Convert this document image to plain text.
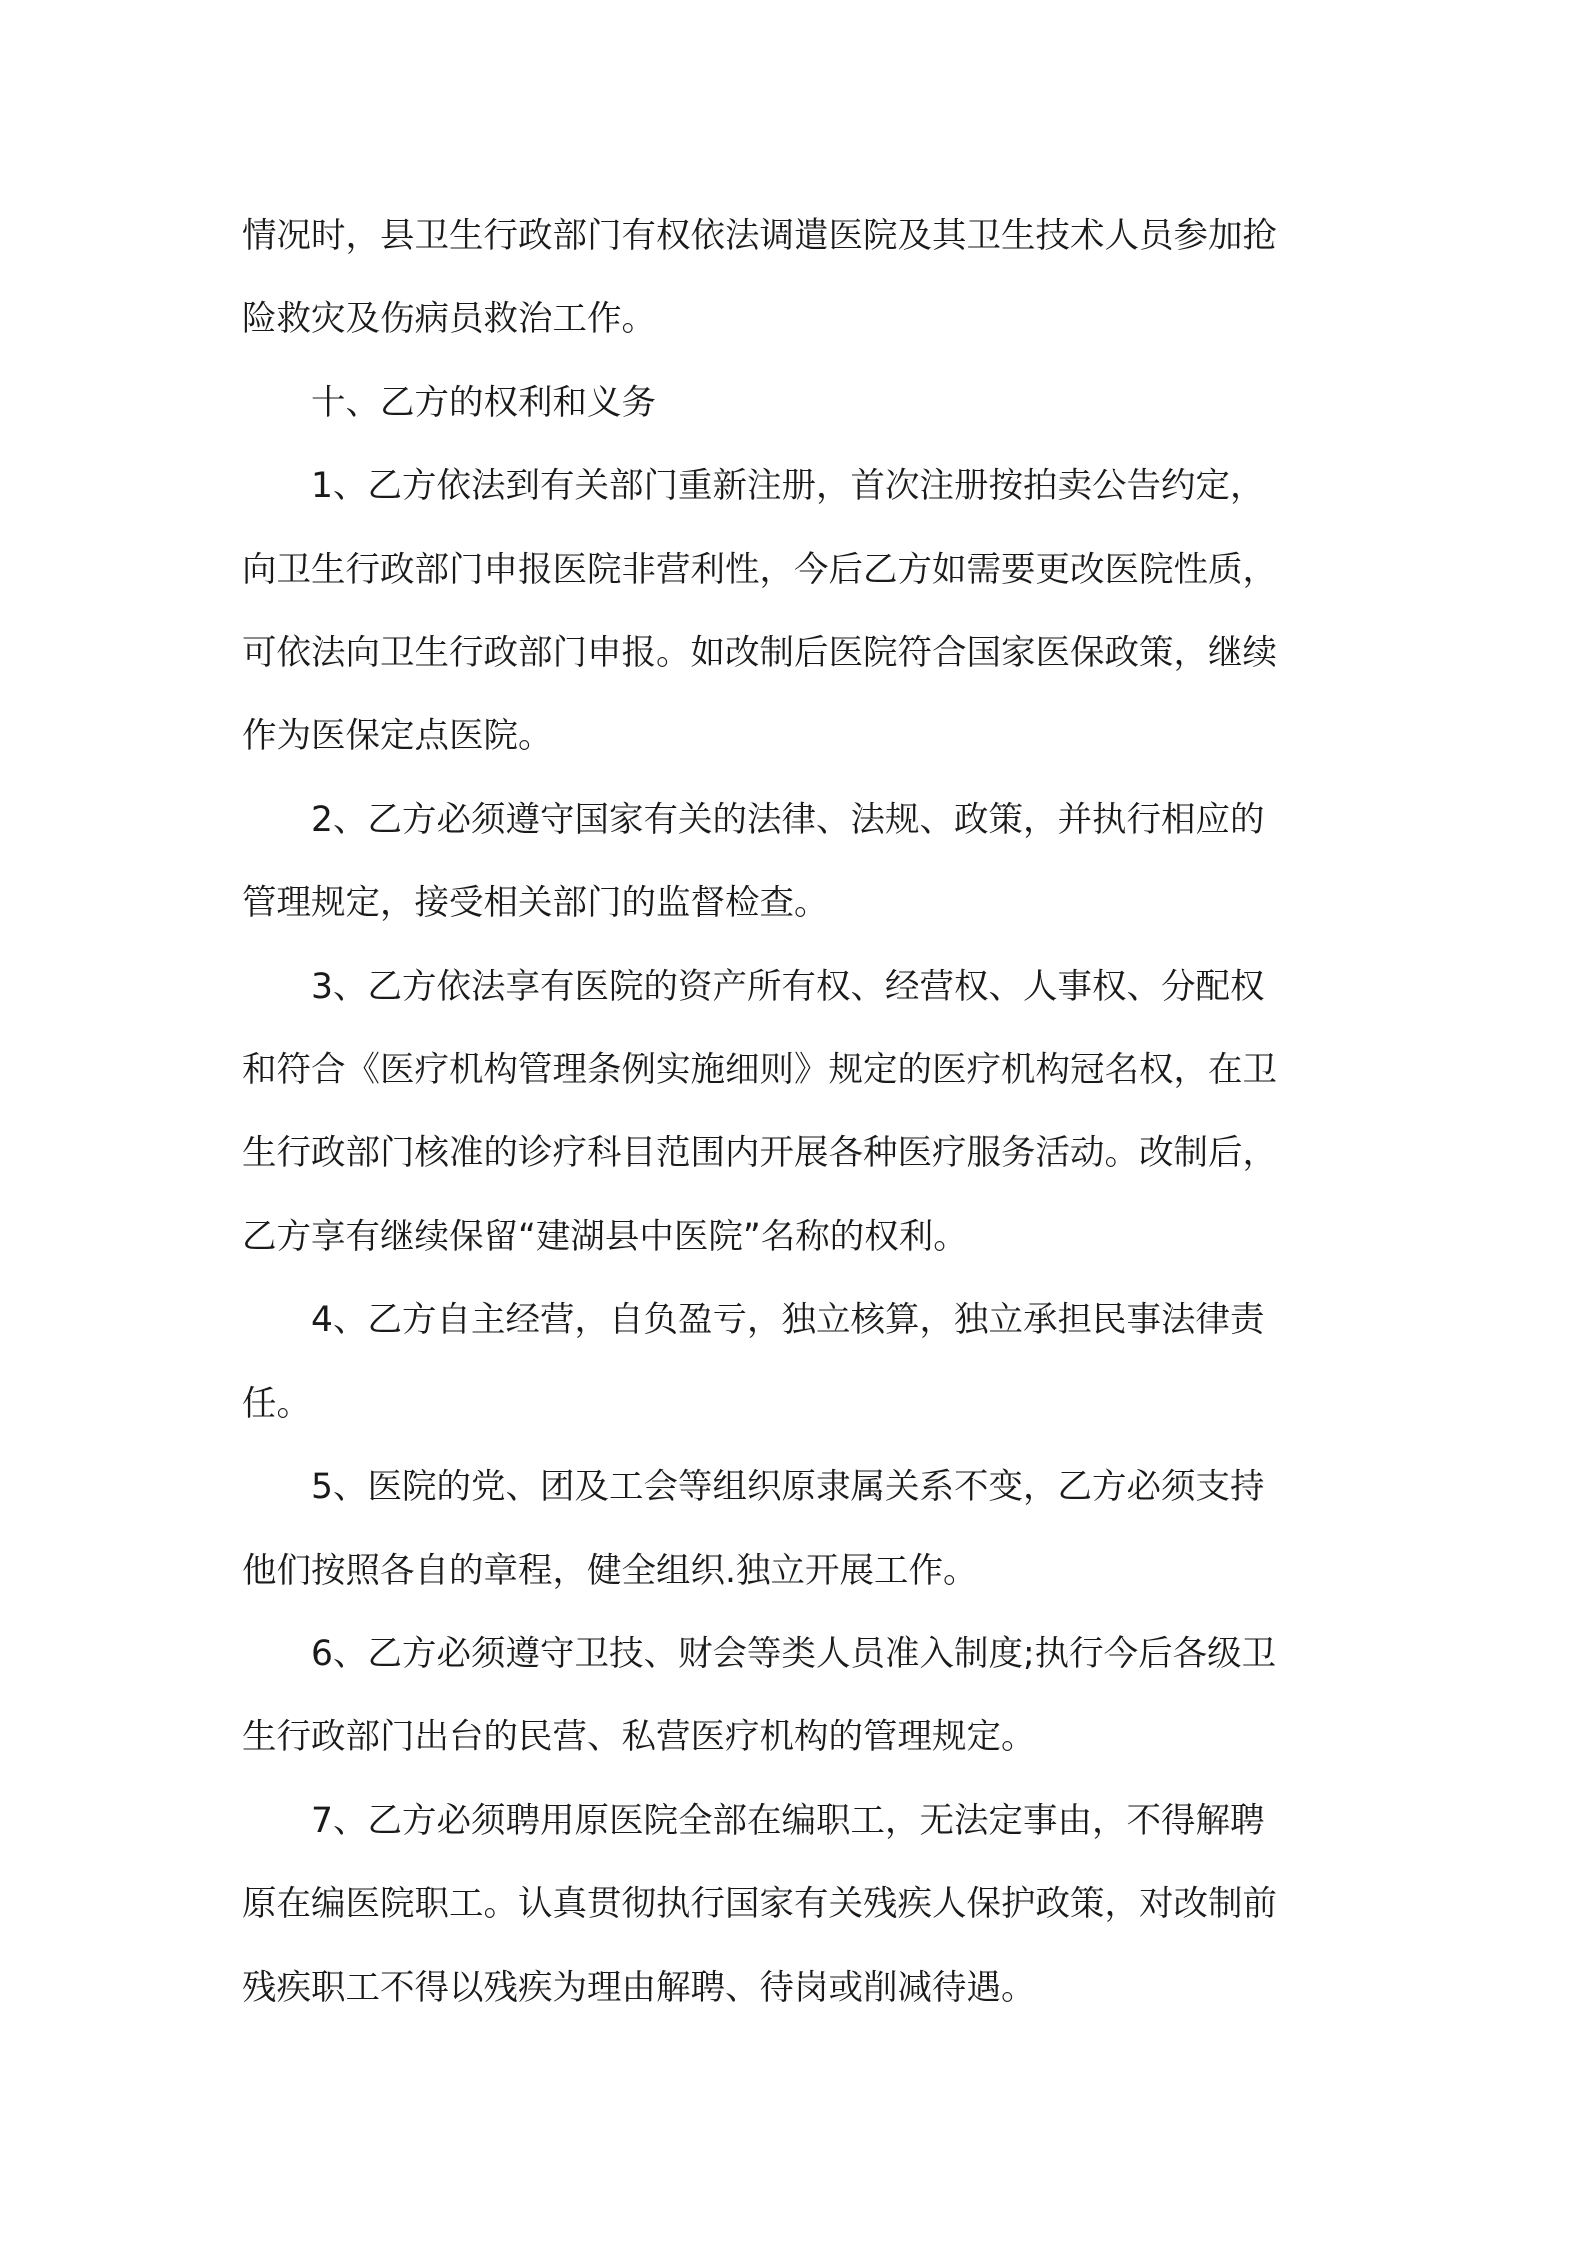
情况时，县卫生行政部门有权依法调遣医院及其卫生技术人员参加抢
险救灾及伤病员救治工作。

十、乙方的权利和义务

1、乙方依法到有关部门重新注册，首次注册按拍卖公告约定，
向卫生行政部门申报医院非营利性，今后乙方如需要更改医院性质，
可依法向卫生行政部门申报。如改制后医院符合国家医保政策，继续
作为医保定点医院。

2、乙方必须遵守国家有关的法律、法规、政策，并执行相应的
管理规定，接受相关部门的监督检查。

3、乙方依法享有医院的资产所有权、经营权、人事权、分配权
和符合《医疗机构管理条例实施细则》规定的医疗机构冠名权，在卫
生行政部门核准的诊疗科目范围内开展各种医疗服务活动。改制后，
乙方享有继续保留“建湖县中医院”名称的权利。

4、乙方自主经营，自负盈亏，独立核算，独立承担民事法律责
任。

5、医院的党、团及工会等组织原隶属关系不变，乙方必须支持
他们按照各自的章程，健全组织.独立开展工作。

6、乙方必须遵守卫技、财会等类人员准入制度;执行今后各级卫
生行政部门出台的民营、私营医疗机构的管理规定。

7、乙方必须聘用原医院全部在编职工，无法定事由，不得解聘
原在编医院职工。认真贯彻执行国家有关残疾人保护政策，对改制前
残疾职工不得以残疾为理由解聘、待岗或削减待遇。
